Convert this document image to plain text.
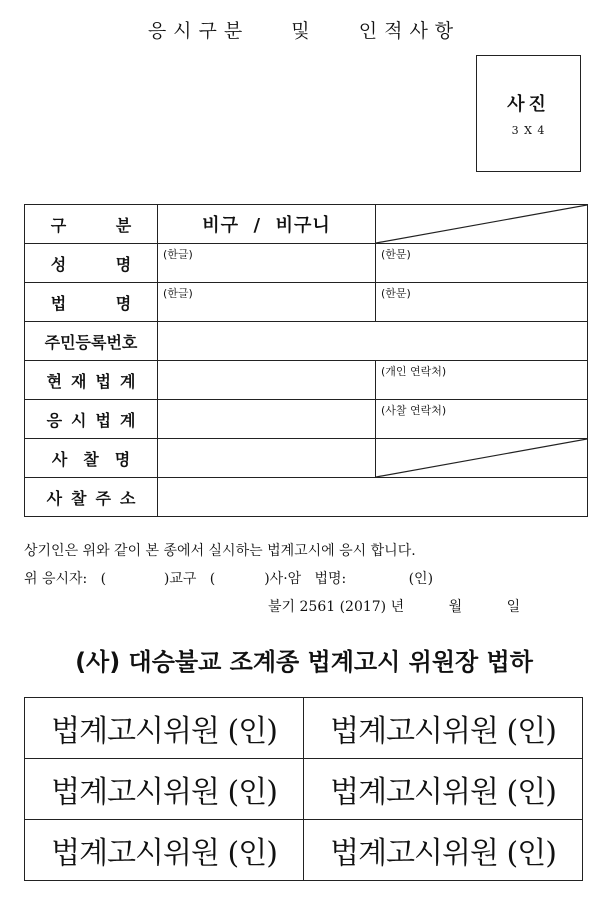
응시구분  및  인적사항
사진
3 X 4
구 분	비구  /  비구니

성 명	(한글)	(한문)

법 명	(한글)	(한문)

주민등록번호		
현재법계		(개인 연락처)

응시법계		(사찰 연락처)

사찰명		

사찰주소		
상기인은 위와 같이 본 종에서 실시하는 법계고시에 응시 합니다.
위 응시자:   (             )교구   (           )사·암   법명:              (인)
불기 2561 (2017) 년          월          일
(사) 대승불교 조계종 법계고시 위원장 법하
법계고시위원 (인)	법계고시위원 (인)
법계고시위원 (인)	법계고시위원 (인)
법계고시위원 (인)	법계고시위원 (인)
